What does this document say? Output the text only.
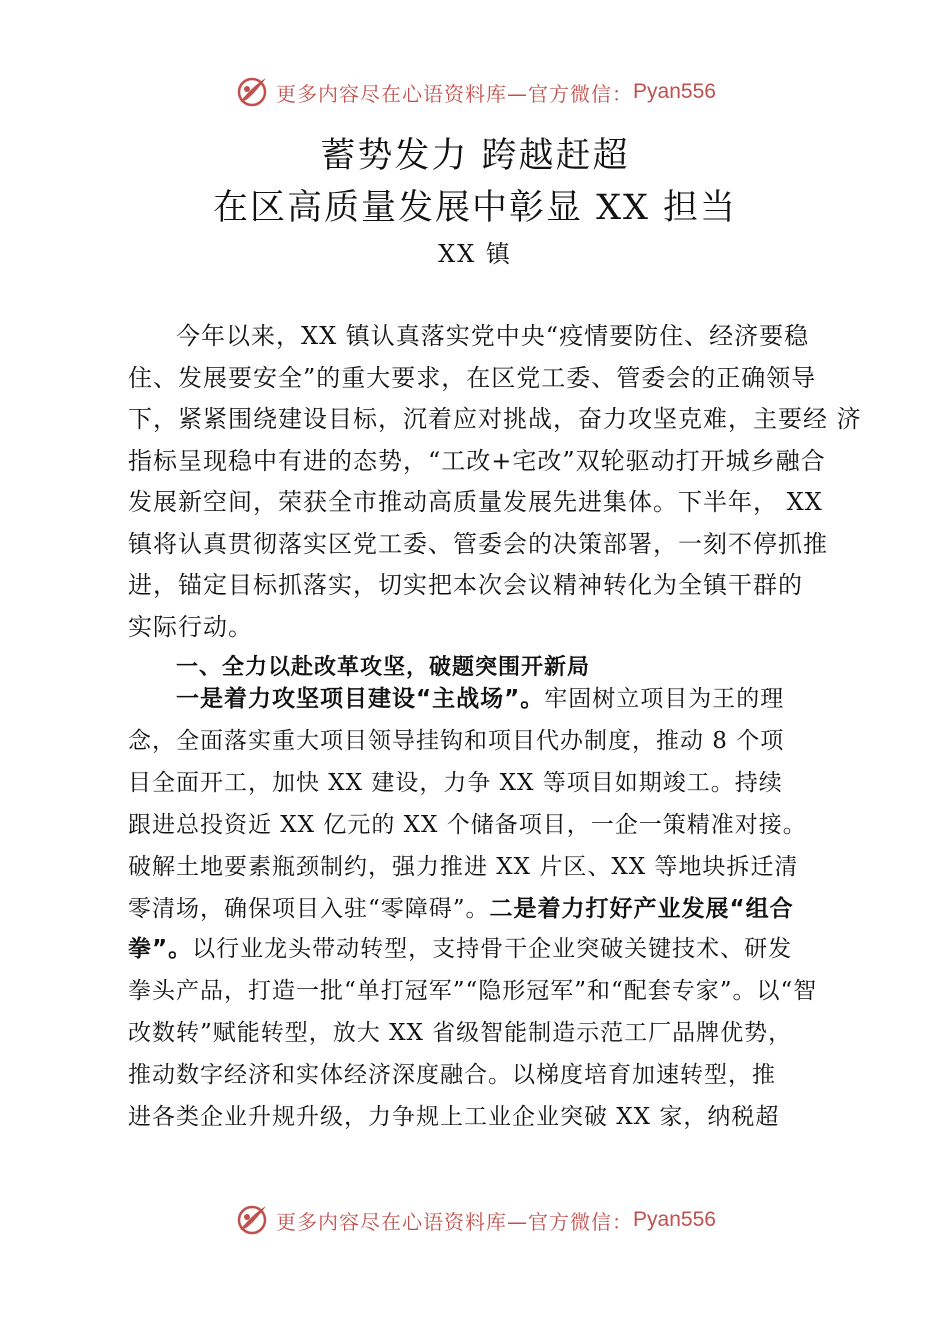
更多内容尽在心语资料库—官方微信： Pyan556
蓄势发力 跨越赶超
在区高质量发展中彰显 XX 担当
XX 镇
今年以来，XX 镇认真落实党中央“疫情要防住、经济要稳
住、发展要安全”的重大要求，在区党工委、管委会的正确领导
下，紧紧围绕建设目标，沉着应对挑战，奋力攻坚克难，主要经 济
指标呈现稳中有进的态势，“工改+宅改”双轮驱动打开城乡融合
发展新空间，荣获全市推动高质量发展先进集体。下半年， XX
镇将认真贯彻落实区党工委、管委会的决策部署，一刻不停抓推
进，锚定目标抓落实，切实把本次会议精神转化为全镇干群的
实际行动。
一、全力以赴改革攻坚，破题突围开新局
一是着力攻坚项目建设“主战场”。牢固树立项目为王的理
念，全面落实重大项目领导挂钩和项目代办制度，推动 8 个项
目全面开工，加快 XX 建设，力争 XX 等项目如期竣工。持续
跟进总投资近 XX 亿元的 XX 个储备项目，一企一策精准对接。
破解土地要素瓶颈制约，强力推进 XX 片区、XX 等地块拆迁清
零清场，确保项目入驻“零障碍”。二是着力打好产业发展“组合

拳”。以行业龙头带动转型，支持骨干企业突破关键技术、研发
拳头产品，打造一批“单打冠军”“隐形冠军”和“配套专家”。以“智
改数转”赋能转型，放大 XX 省级智能制造示范工厂品牌优势，
推动数字经济和实体经济深度融合。以梯度培育加速转型，推
进各类企业升规升级，力争规上工业企业突破 XX 家，纳税超
更多内容尽在心语资料库—官方微信： Pyan556
